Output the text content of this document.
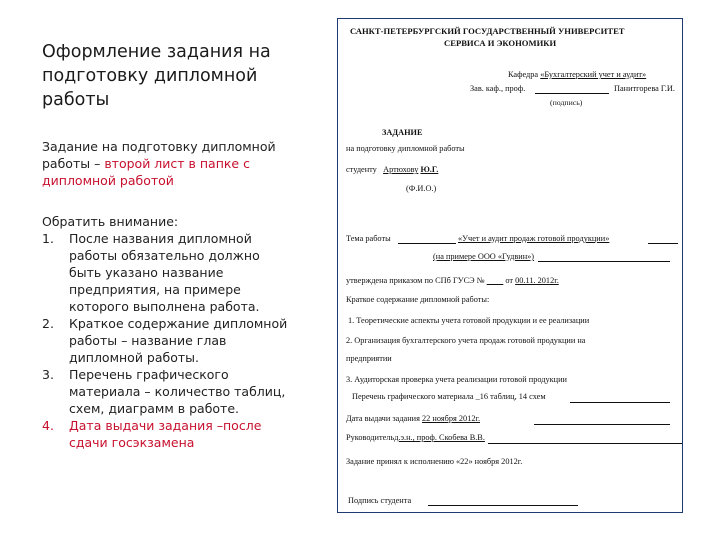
Оформление задания на подготовку дипломной работы
Задание на подготовку дипломной работы – второй лист в папке с дипломной работой
Обратить внимание:
1. После названия дипломной работы обязательно должно быть указано название предприятия, на примере которого выполнена работа.
2. Краткое содержание дипломной работы – название глав дипломной работы.
3. Перечень графического материала – количество таблиц, схем, диаграмм в работе.
4. Дата выдачи задания –после сдачи госэкзамена
САНКТ-ПЕТЕРБУРГСКИЙ ГОСУДАРСТВЕННЫЙ УНИВЕРСИТЕТ
СЕРВИСА И ЭКОНОМИКИ
Кафедра «Бухгалтерский учет и аудит»
Зав. каф., проф.	Панитгорева Г.И.
(подпись)
ЗАДАНИЕ
на подготовку дипломной работы
студенту Артюхову Ю.Г.
(Ф.И.О.)
Тема работы	«Учет и аудит продаж готовой продукции»
(на примере ООО «Гудвин»)
утверждена приказом по СПб ГУСЭ №	от 00.11. 2012г.
Краткое содержание дипломной работы:
1. Теоретические аспекты учета готовой продукции и ее реализации
2. Организация бухгалтерского учета продаж готовой продукции на
предприятии
3. Аудиторская проверка учета реализации готовой продукции
Перечень графического материала _16 таблиц, 14 схем
Дата выдачи задания 22 ноября 2012г.
Руководительд.э.н., проф. Скобева В.В.
Задание принял к исполнению «22» ноября 2012г.
Подпись студента
